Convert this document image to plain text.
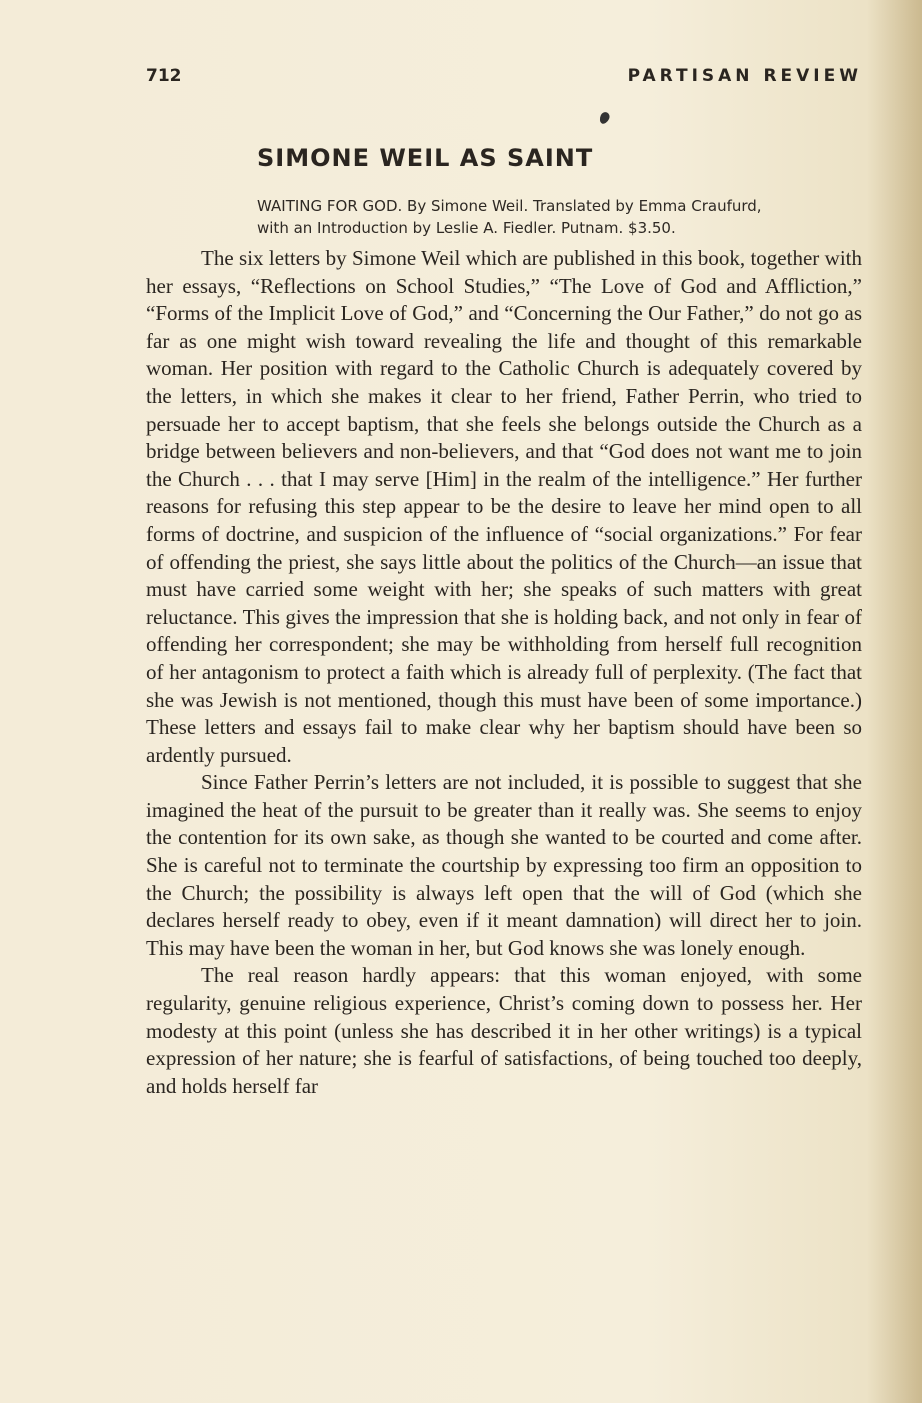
712	PARTISAN REVIEW
SIMONE WEIL AS SAINT
WAITING FOR GOD. By Simone Weil. Translated by Emma Craufurd,
with an Introduction by Leslie A. Fiedler. Putnam. $3.50.

The six letters by Simone Weil which are published in this book, together with her essays, “Reflections on School Studies,” “The Love of God and Affliction,” “Forms of the Implicit Love of God,” and “Concerning the Our Father,” do not go as far as one might wish toward revealing the life and thought of this remarkable woman. Her position with regard to the Catholic Church is adequately covered by the letters, in which she makes it clear to her friend, Father Perrin, who tried to persuade her to accept baptism, that she feels she belongs outside the Church as a bridge between believers and non-believers, and that “God does not want me to join the Church . . . that I may serve [Him] in the realm of the intelligence.” Her further reasons for refusing this step appear to be the desire to leave her mind open to all forms of doctrine, and suspicion of the influence of “social organizations.” For fear of offending the priest, she says little about the politics of the Church—an issue that must have carried some weight with her; she speaks of such matters with great reluctance. This gives the impression that she is holding back, and not only in fear of offending her correspondent; she may be withholding from herself full recognition of her antagonism to protect a faith which is already full of perplexity. (The fact that she was Jewish is not mentioned, though this must have been of some importance.) These letters and essays fail to make clear why her baptism should have been so ardently pursued.

Since Father Perrin’s letters are not included, it is possible to suggest that she imagined the heat of the pursuit to be greater than it really was. She seems to enjoy the contention for its own sake, as though she wanted to be courted and come after. She is careful not to terminate the courtship by expressing too firm an opposition to the Church; the possibility is always left open that the will of God (which she declares herself ready to obey, even if it meant damnation) will direct her to join. This may have been the woman in her, but God knows she was lonely enough.

The real reason hardly appears: that this woman enjoyed, with some regularity, genuine religious experience, Christ’s coming down to possess her. Her modesty at this point (unless she has described it in her other writings) is a typical expression of her nature; she is fearful of satisfactions, of being touched too deeply, and holds herself far
